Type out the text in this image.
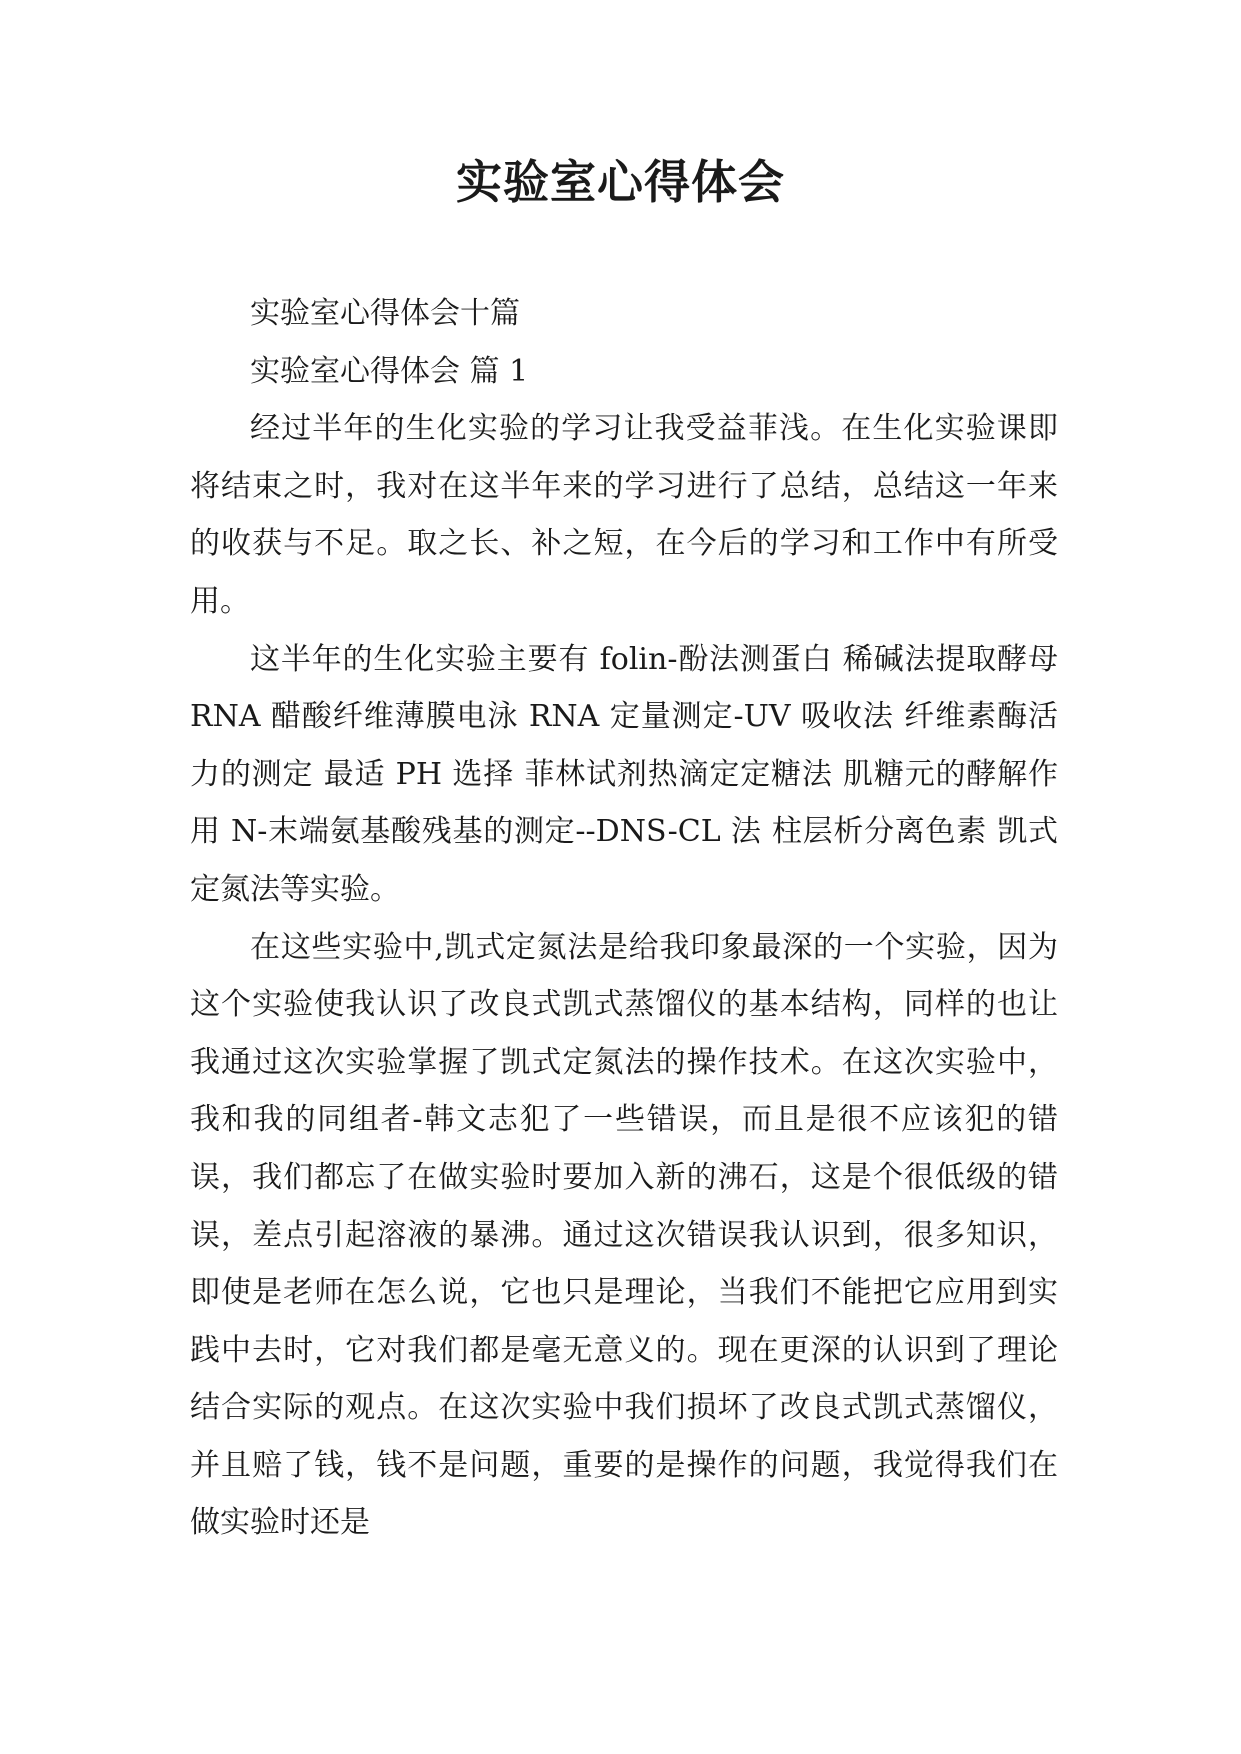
实验室心得体会

实验室心得体会十篇

实验室心得体会 篇 1

经过半年的生化实验的学习让我受益菲浅。在生化实验课即将结束之时，我对在这半年来的学习进行了总结，总结这一年来的收获与不足。取之长、补之短，在今后的学习和工作中有所受用。

这半年的生化实验主要有 folin-酚法测蛋白 稀碱法提取酵母 RNA 醋酸纤维薄膜电泳 RNA 定量测定-UV 吸收法 纤维素酶活力的测定 最适 PH 选择 菲林试剂热滴定定糖法 肌糖元的酵解作用 N-末端氨基酸残基的测定--DNS-CL 法 柱层析分离色素 凯式定氮法等实验。

在这些实验中,凯式定氮法是给我印象最深的一个实验，因为这个实验使我认识了改良式凯式蒸馏仪的基本结构，同样的也让我通过这次实验掌握了凯式定氮法的操作技术。在这次实验中，我和我的同组者-韩文志犯了一些错误，而且是很不应该犯的错误，我们都忘了在做实验时要加入新的沸石，这是个很低级的错误，差点引起溶液的暴沸。通过这次错误我认识到，很多知识，即使是老师在怎么说，它也只是理论，当我们不能把它应用到实践中去时，它对我们都是毫无意义的。现在更深的认识到了理论结合实际的观点。在这次实验中我们损坏了改良式凯式蒸馏仪，并且赔了钱，钱不是问题，重要的是操作的问题，我觉得我们在做实验时还是
